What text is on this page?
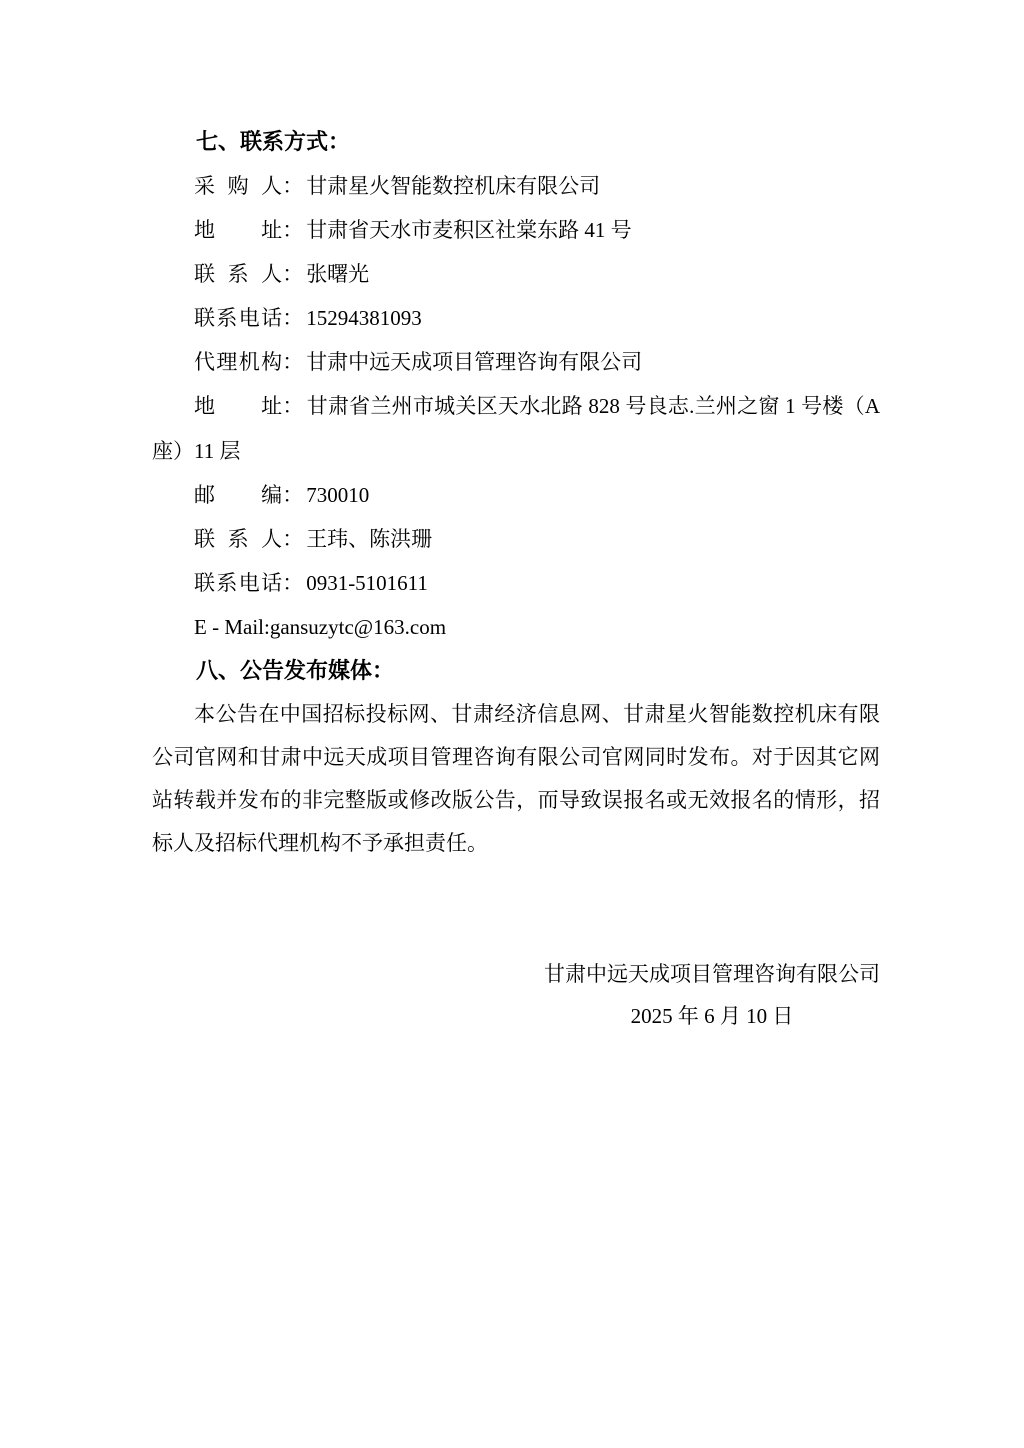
七、联系方式：

采购人： 甘肃星火智能数控机床有限公司

地址： 甘肃省天水市麦积区社棠东路 41 号

联系人： 张曙光

联系电话： 15294381093

代理机构： 甘肃中远天成项目管理咨询有限公司

地址： 甘肃省兰州市城关区天水北路 828 号良志.兰州之窗 1 号楼（A座）11 层

邮编： 730010

联系人： 王玮、陈洪珊

联系电话： 0931-5101611

E - Mail:gansuzytc@163.com

八、公告发布媒体：

本公告在中国招标投标网、甘肃经济信息网、甘肃星火智能数控机床有限公司官网和甘肃中远天成项目管理咨询有限公司官网同时发布。对于因其它网站转载并发布的非完整版或修改版公告，而导致误报名或无效报名的情形，招标人及招标代理机构不予承担责任。

甘肃中远天成项目管理咨询有限公司
2025 年 6 月 10 日
